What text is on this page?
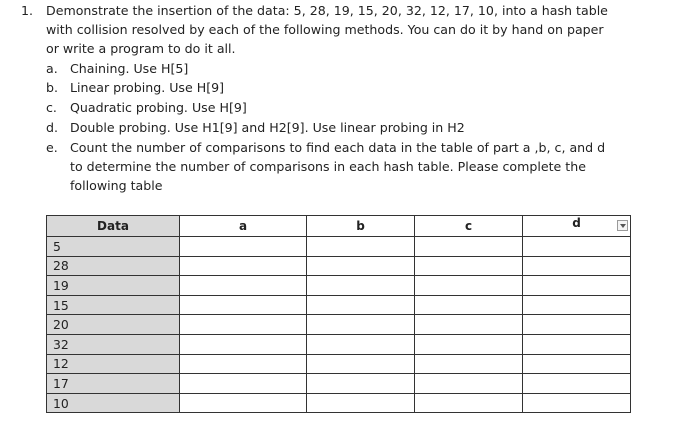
1. Demonstrate the insertion of the data: 5, 28, 19, 15, 20, 32, 12, 17, 10, into a hash table
with collision resolved by each of the following methods. You can do it by hand on paper
or write a program to do it all.
a. Chaining. Use H[5]
b. Linear probing. Use H[9]
c. Quadratic probing. Use H[9]
d. Double probing. Use H1[9] and H2[9]. Use linear probing in H2
e. Count the number of comparisons to find each data in the table of part a ,b, c, and d
to determine the number of comparisons in each hash table. Please complete the
following table
Data	a	b	c	d

5				
28				
19				
15				
20				
32				
12				
17				
10				
